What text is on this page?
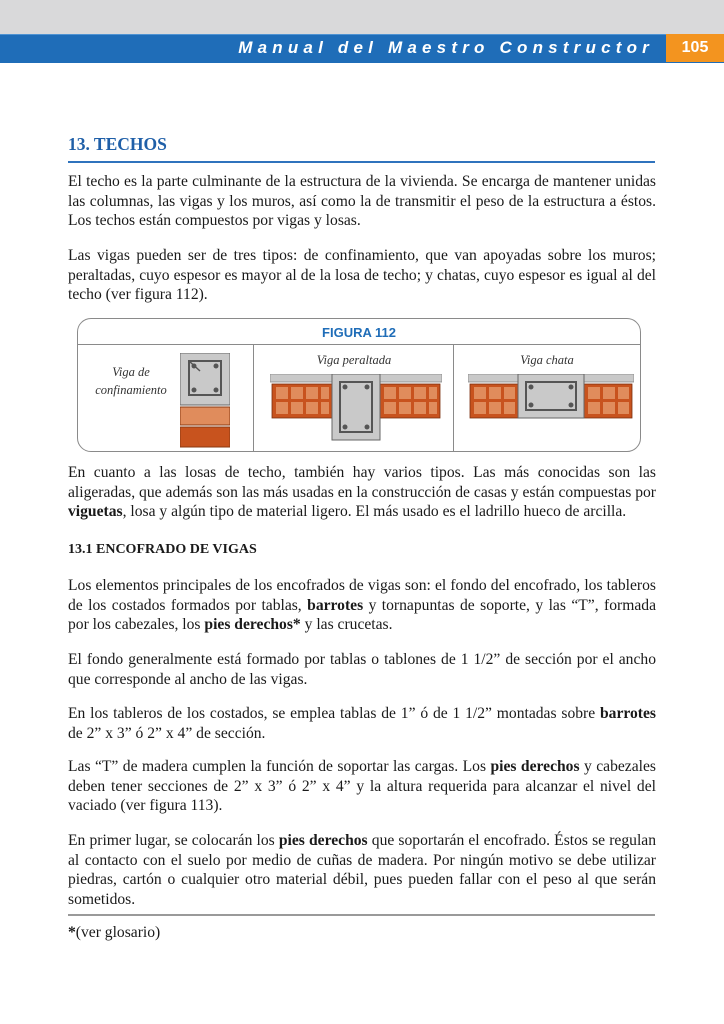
Manual del Maestro Constructor	105
13. TECHOS
El techo es la parte culminante de la estructura de la vivienda. Se encarga de mantener unidas las columnas, las vigas y los muros, así como la de transmitir el peso de la estructura a éstos. Los techos están compuestos por vigas y losas.
Las vigas pueden ser de tres tipos: de confinamiento, que van apoyadas sobre los muros; peraltadas, cuyo espesor es mayor al de la losa de techo; y chatas, cuyo espesor es igual al del techo (ver figura 112).
FIGURA 112
Viga de
confinamiento
Viga peraltada	Viga chata
En cuanto a las losas de techo, también hay varios tipos. Las más conocidas son las aligeradas, que además son las más usadas en la construcción de casas y están compuestas por viguetas, losa y algún tipo de material ligero. El más usado es el ladrillo hueco de arcilla.
13.1 ENCOFRADO DE VIGAS
Los elementos principales de los encofrados de vigas son: el fondo del encofrado, los tableros de los costados formados por tablas, barrotes y tornapuntas de soporte, y las “T”, formada por los cabezales, los pies derechos* y las crucetas.
El fondo generalmente está formado por tablas o tablones de 1 1/2” de sección por el ancho que corresponde al ancho de las vigas.
En los tableros de los costados, se emplea tablas de 1” ó de 1 1/2” montadas sobre barrotes de 2” x 3” ó 2” x 4” de sección.
Las “T” de madera cumplen la función de soportar las cargas. Los pies derechos y cabezales deben tener secciones de 2” x 3” ó 2” x 4” y la altura requerida para alcanzar el nivel del vaciado (ver figura 113).
En primer lugar, se colocarán los pies derechos que soportarán el encofrado. Éstos se regulan al contacto con el suelo por medio de cuñas de madera. Por ningún motivo se debe utilizar piedras, cartón o cualquier otro material débil, pues pueden fallar con el peso al que serán sometidos.
*(ver glosario)
